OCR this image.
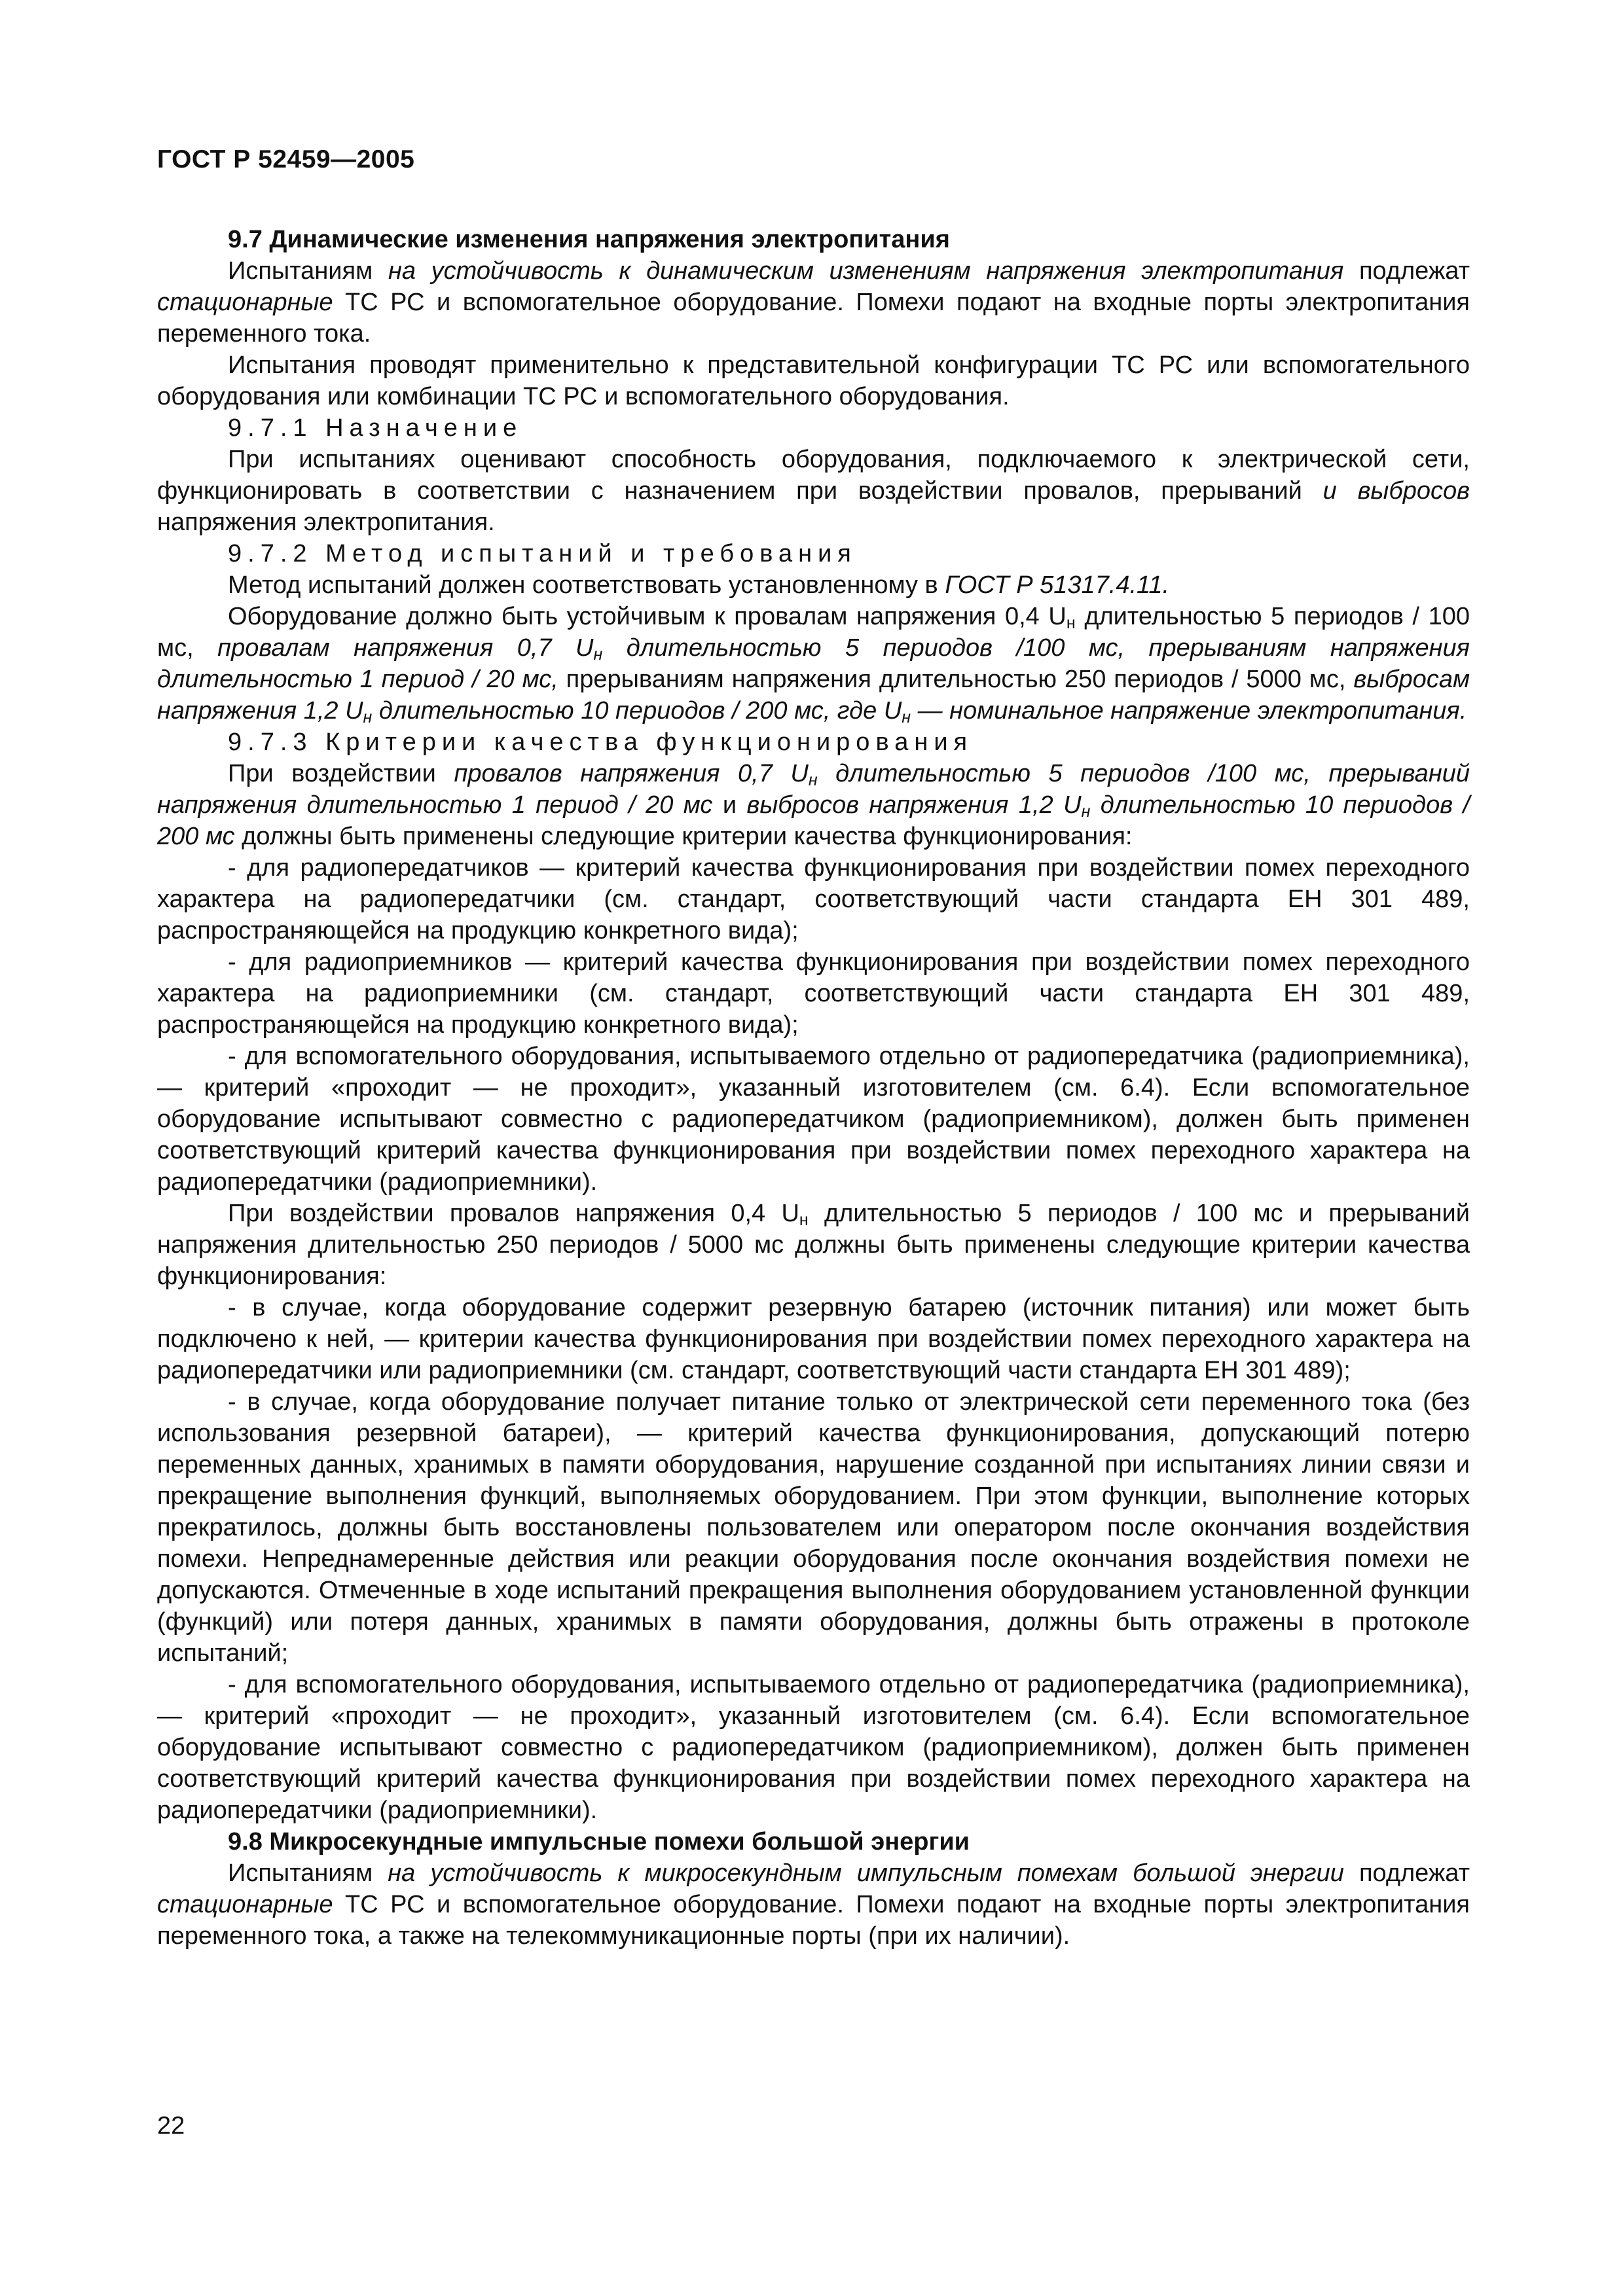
ГОСТ Р 52459—2005

9.7 Динамические изменения напряжения электропитания

Испытаниям на устойчивость к динамическим изменениям напряжения электропитания подлежат стационарные ТС РС и вспомогательное оборудование. Помехи подают на входные порты электропитания переменного тока.

Испытания проводят применительно к представительной конфигурации ТС РС или вспомогательного оборудования или комбинации ТС РС и вспомогательного оборудования.

9.7.1 Назначение

При испытаниях оценивают способность оборудования, подключаемого к электрической сети, функционировать в соответствии с назначением при воздействии провалов, прерываний и выбросов напряжения электропитания.

9.7.2 Метод испытаний и требования

Метод испытаний должен соответствовать установленному в ГОСТ Р 51317.4.11.

Оборудование должно быть устойчивым к провалам напряжения 0,4 $U_н$ длительностью 5 периодов / 100 мс, провалам напряжения 0,7 $U_н$ длительностью 5 периодов /100 мс, прерываниям напряжения длительностью 1 период / 20 мс, прерываниям напряжения длительностью 250 периодов / 5000 мс, выбросам напряжения 1,2 $U_н$ длительностью 10 периодов / 200 мс, где $U_н$ — номинальное напряжение электропитания.

9.7.3 Критерии качества функционирования

При воздействии провалов напряжения 0,7 $U_н$ длительностью 5 периодов /100 мс, прерываний напряжения длительностью 1 период / 20 мс и выбросов напряжения 1,2 $U_н$ длительностью 10 периодов / 200 мс должны быть применены следующие критерии качества функционирования:

- для радиопередатчиков — критерий качества функционирования при воздействии помех переходного характера на радиопередатчики (см. стандарт, соответствующий части стандарта ЕН 301 489, распространяющейся на продукцию конкретного вида);

- для радиоприемников — критерий качества функционирования при воздействии помех переходного характера на радиоприемники (см. стандарт, соответствующий части стандарта ЕН 301 489, распространяющейся на продукцию конкретного вида);

- для вспомогательного оборудования, испытываемого отдельно от радиопередатчика (радиоприемника), — критерий «проходит — не проходит», указанный изготовителем (см. 6.4). Если вспомогательное оборудование испытывают совместно с радиопередатчиком (радиоприемником), должен быть применен соответствующий критерий качества функционирования при воздействии помех переходного характера на радиопередатчики (радиоприемники).

При воздействии провалов напряжения 0,4 $U_н$ длительностью 5 периодов / 100 мс и прерываний напряжения длительностью 250 периодов / 5000 мс должны быть применены следующие критерии качества функционирования:

- в случае, когда оборудование содержит резервную батарею (источник питания) или может быть подключено к ней, — критерии качества функционирования при воздействии помех переходного характера на радиопередатчики или радиоприемники (см. стандарт, соответствующий части стандарта ЕН 301 489);

- в случае, когда оборудование получает питание только от электрической сети переменного тока (без использования резервной батареи), — критерий качества функционирования, допускающий потерю переменных данных, хранимых в памяти оборудования, нарушение созданной при испытаниях линии связи и прекращение выполнения функций, выполняемых оборудованием. При этом функции, выполнение которых прекратилось, должны быть восстановлены пользователем или оператором после окончания воздействия помехи. Непреднамеренные действия или реакции оборудования после окончания воздействия помехи не допускаются. Отмеченные в ходе испытаний прекращения выполнения оборудованием установленной функции (функций) или потеря данных, хранимых в памяти оборудования, должны быть отражены в протоколе испытаний;

- для вспомогательного оборудования, испытываемого отдельно от радиопередатчика (радиоприемника), — критерий «проходит — не проходит», указанный изготовителем (см. 6.4). Если вспомогательное оборудование испытывают совместно с радиопередатчиком (радиоприемником), должен быть применен соответствующий критерий качества функционирования при воздействии помех переходного характера на радиопередатчики (радиоприемники).

9.8 Микросекундные импульсные помехи большой энергии

Испытаниям на устойчивость к микросекундным импульсным помехам большой энергии подлежат стационарные ТС РС и вспомогательное оборудование. Помехи подают на входные порты электропитания переменного тока, а также на телекоммуникационные порты (при их наличии).

22
